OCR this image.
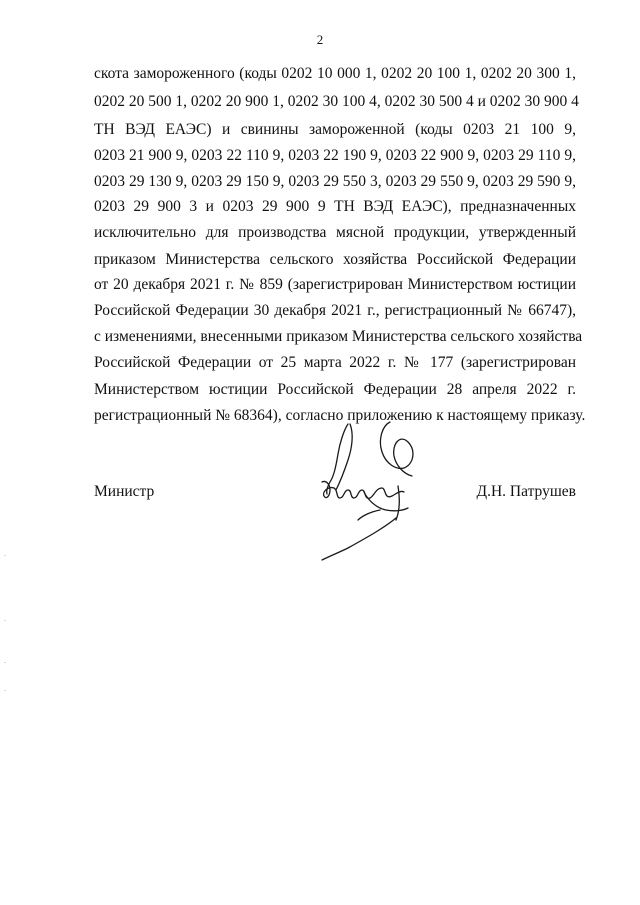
2
скота замороженного (коды 0202 10 000 1, 0202 20 100 1, 0202 20 300 1,
0202 20 500 1, 0202 20 900 1, 0202 30 100 4, 0202 30 500 4 и 0202 30 900 4
ТН ВЭД ЕАЭС) и свинины замороженной (коды 0203 21 100 9,
0203 21 900 9, 0203 22 110 9, 0203 22 190 9, 0203 22 900 9, 0203 29 110 9,
0203 29 130 9, 0203 29 150 9, 0203 29 550 3, 0203 29 550 9, 0203 29 590 9,
0203 29 900 3 и 0203 29 900 9 ТН ВЭД ЕАЭС), предназначенных
исключительно для производства мясной продукции, утвержденный
приказом Министерства сельского хозяйства Российской Федерации
от 20 декабря 2021 г. № 859 (зарегистрирован Министерством юстиции
Российской Федерации 30 декабря 2021 г., регистрационный № 66747),
с изменениями, внесенными приказом Министерства сельского хозяйства
Российской Федерации от 25 марта 2022 г. № 177 (зарегистрирован
Министерством юстиции Российской Федерации 28 апреля 2022 г.
регистрационный № 68364), согласно приложению к настоящему приказу.
Министр	Д.Н. Патрушев
